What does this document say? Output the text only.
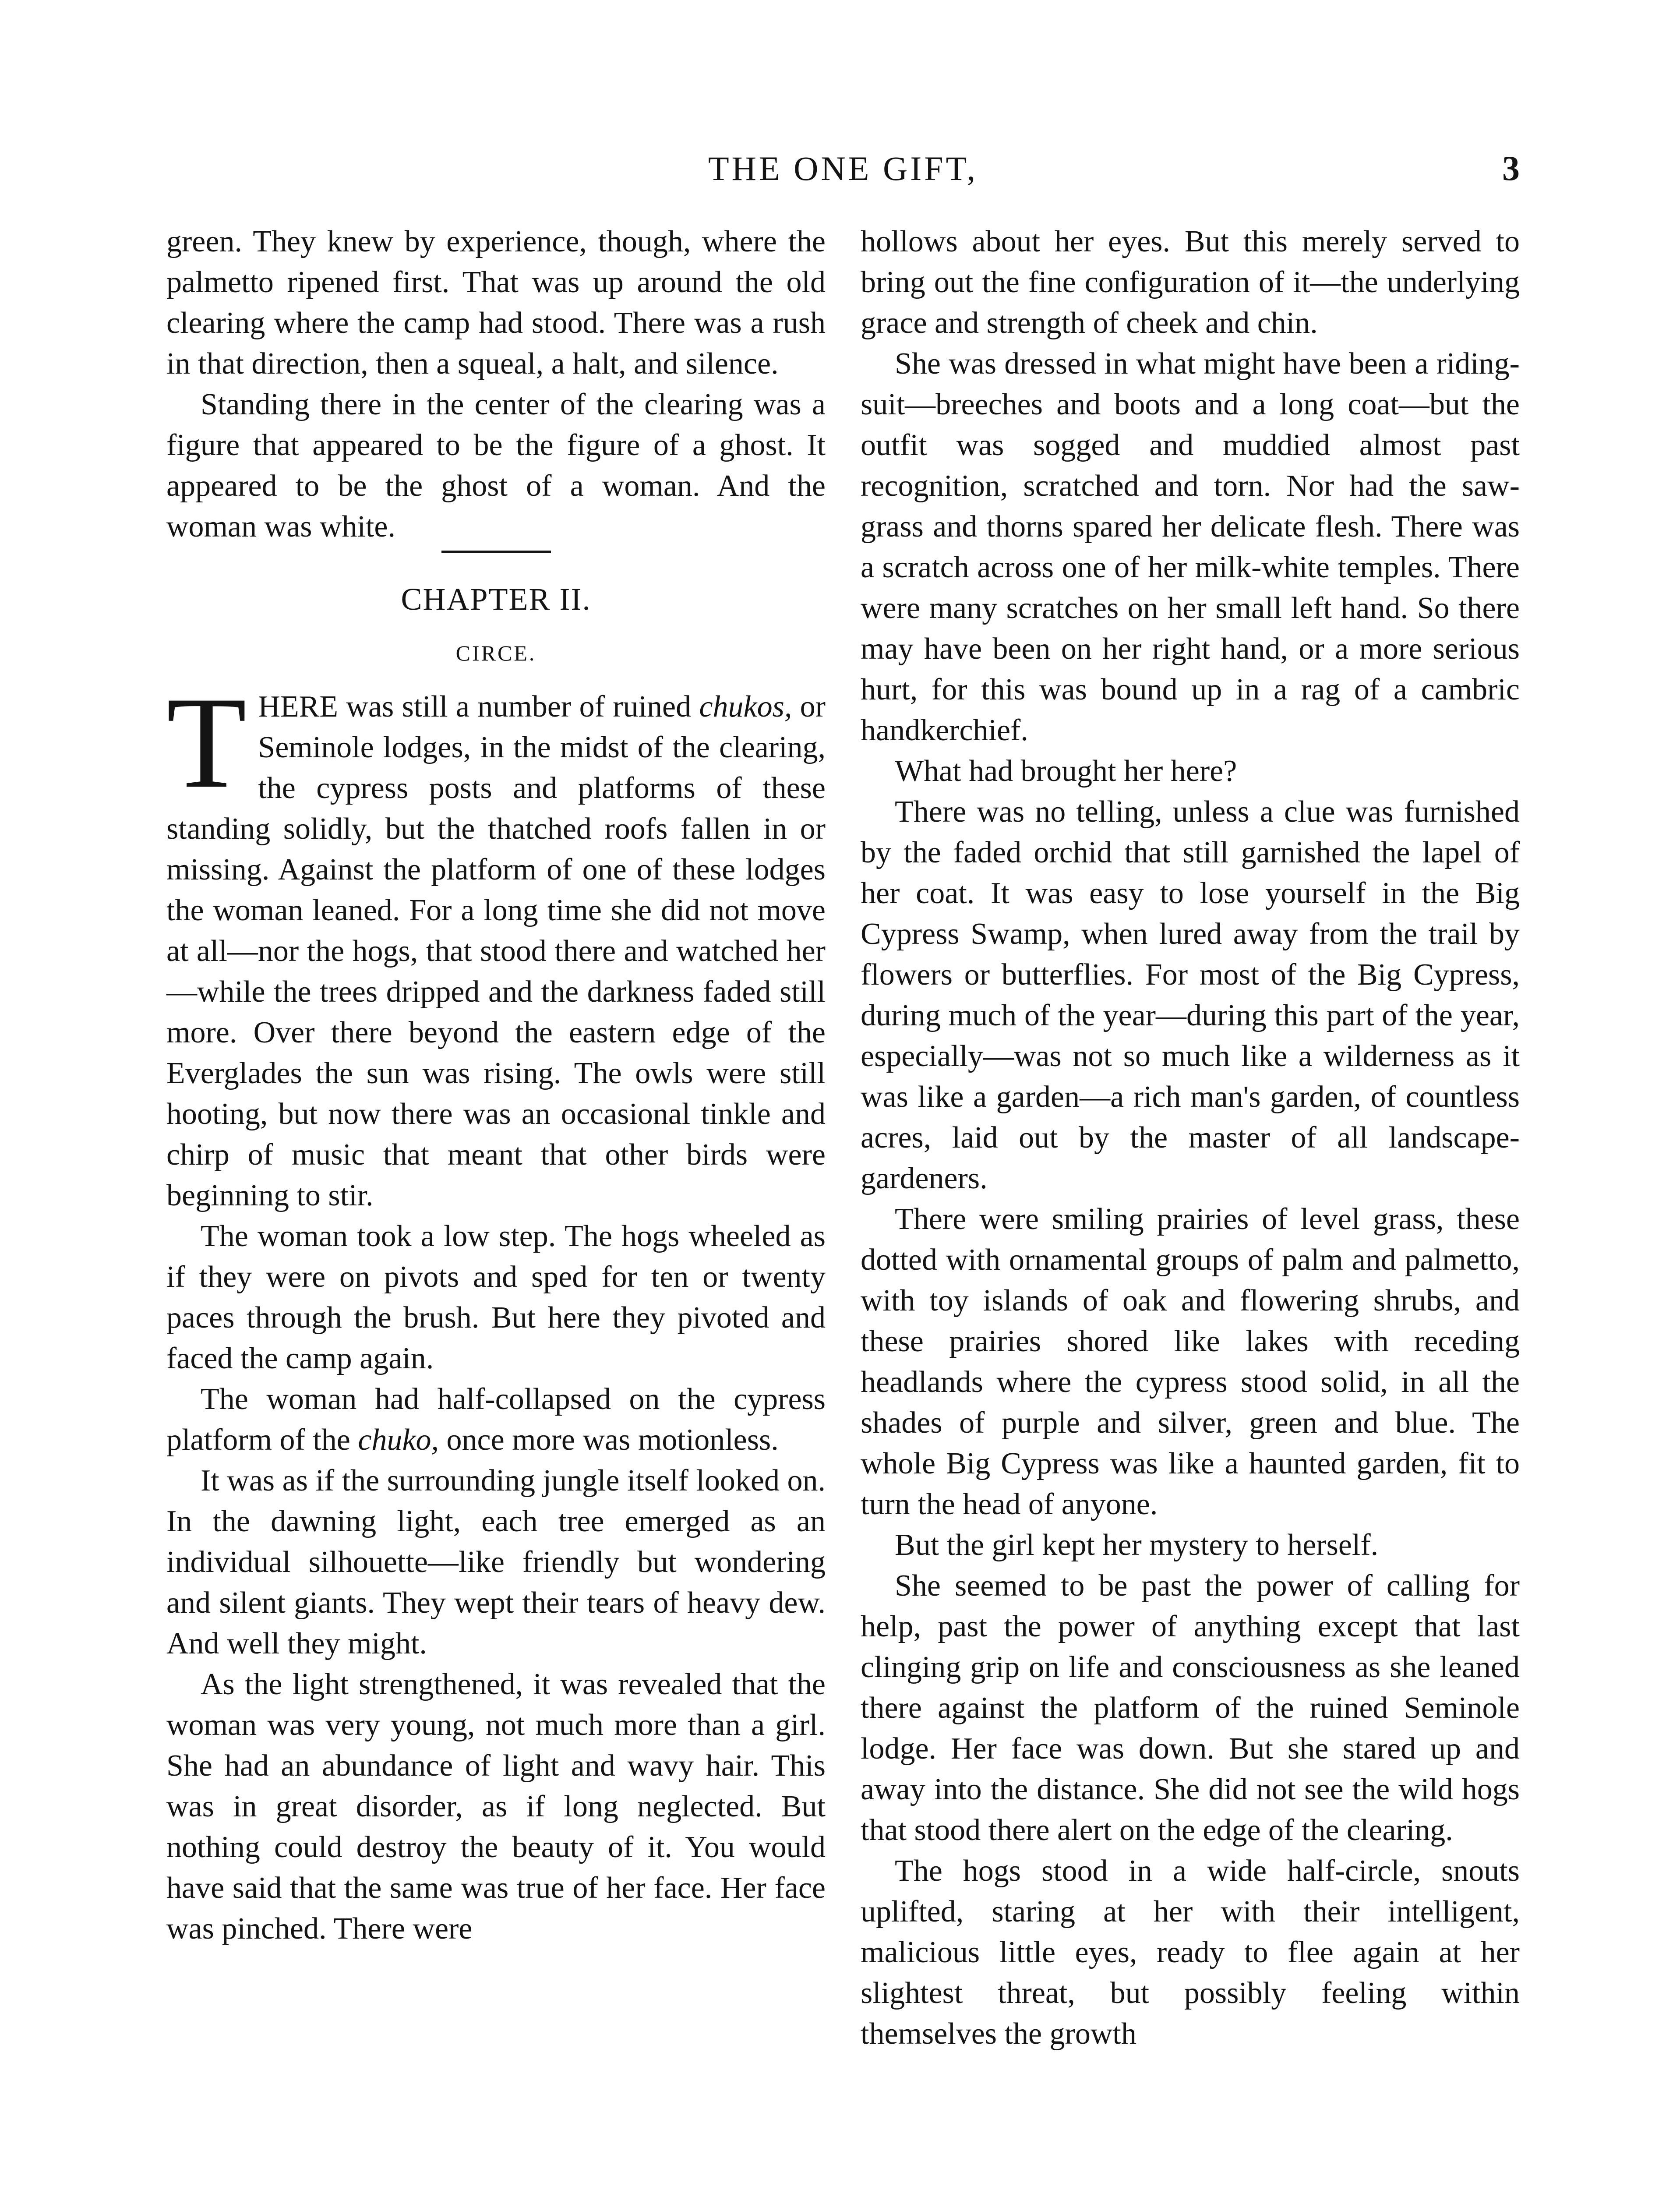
THE ONE GIFT,	3

green. They knew by experience, though, where the palmetto ripened first. That was up around the old clearing where the camp had stood. There was a rush in that direction, then a squeal, a halt, and silence.

Standing there in the center of the clearing was a figure that appeared to be the figure of a ghost. It appeared to be the ghost of a woman. And the woman was white.

CHAPTER II.
CIRCE.

THERE was still a number of ruined chukos, or Seminole lodges, in the midst of the clearing, the cypress posts and platforms of these standing solidly, but the thatched roofs fallen in or missing. Against the platform of one of these lodges the woman leaned. For a long time she did not move at all—nor the hogs, that stood there and watched her—while the trees dripped and the darkness faded still more. Over there beyond the eastern edge of the Everglades the sun was rising. The owls were still hooting, but now there was an occasional tinkle and chirp of music that meant that other birds were beginning to stir.

The woman took a low step. The hogs wheeled as if they were on pivots and sped for ten or twenty paces through the brush. But here they pivoted and faced the camp again.

The woman had half-collapsed on the cypress platform of the chuko, once more was motionless.

It was as if the surrounding jungle itself looked on. In the dawning light, each tree emerged as an individual silhouette—like friendly but wondering and silent giants. They wept their tears of heavy dew. And well they might.

As the light strengthened, it was revealed that the woman was very young, not much more than a girl. She had an abundance of light and wavy hair. This was in great disorder, as if long neglected. But nothing could destroy the beauty of it. You would have said that the same was true of her face. Her face was pinched. There were

hollows about her eyes. But this merely served to bring out the fine configuration of it—the underlying grace and strength of cheek and chin.

She was dressed in what might have been a riding-suit—breeches and boots and a long coat—but the outfit was sogged and muddied almost past recognition, scratched and torn. Nor had the saw-grass and thorns spared her delicate flesh. There was a scratch across one of her milk-white temples. There were many scratches on her small left hand. So there may have been on her right hand, or a more serious hurt, for this was bound up in a rag of a cambric handkerchief.

What had brought her here?

There was no telling, unless a clue was furnished by the faded orchid that still garnished the lapel of her coat. It was easy to lose yourself in the Big Cypress Swamp, when lured away from the trail by flowers or butterflies. For most of the Big Cypress, during much of the year—during this part of the year, especially—was not so much like a wilderness as it was like a garden—a rich man's garden, of countless acres, laid out by the master of all landscape-gardeners.

There were smiling prairies of level grass, these dotted with ornamental groups of palm and palmetto, with toy islands of oak and flowering shrubs, and these prairies shored like lakes with receding headlands where the cypress stood solid, in all the shades of purple and silver, green and blue. The whole Big Cypress was like a haunted garden, fit to turn the head of anyone.

But the girl kept her mystery to herself.

She seemed to be past the power of calling for help, past the power of anything except that last clinging grip on life and consciousness as she leaned there against the platform of the ruined Seminole lodge. Her face was down. But she stared up and away into the distance. She did not see the wild hogs that stood there alert on the edge of the clearing.

The hogs stood in a wide half-circle, snouts uplifted, staring at her with their intelligent, malicious little eyes, ready to flee again at her slightest threat, but possibly feeling within themselves the growth
